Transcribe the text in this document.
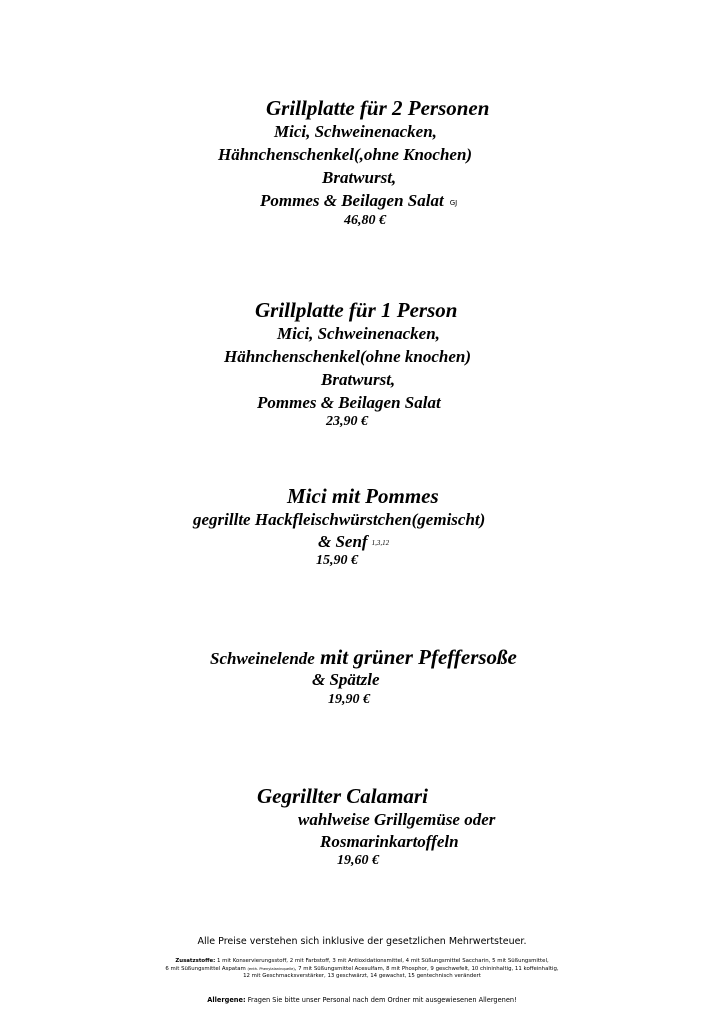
Grillplatte für 2 Personen
Mici, Schweinenacken,
Hähnchenschenkel(,ohne Knochen)
Bratwurst,
Pommes & Beilagen Salat GJ
46,80 €
Grillplatte für 1 Person
Mici, Schweinenacken,
Hähnchenschenkel(ohne knochen)
Bratwurst,
Pommes & Beilagen Salat
23,90 €
Mici mit Pommes
gegrillte Hackfleischwürstchen(gemischt)
& Senf $^{1,3,12}$
15,90 €
Schweinelende mit grüner Pfeffersoße
& Spätzle
19,90 €
Gegrillter Calamari
wahlweise Grillgemüse oder
Rosmarinkartoffeln
19,60 €
Alle Preise verstehen sich inklusive der gesetzlichen Mehrwertsteuer.
Zusatzstoffe: 1 mit Konservierungsstoff, 2 mit Farbstoff, 3 mit Antioxidationsmittel, 4 mit Süßungsmittel Saccharin, 5 mit Süßungsmittel,
6 mit Süßungsmittel Aspatam (enth. Phenylalaninquelle), 7 mit Süßungsmittel Acesulfam, 8 mit Phosphor, 9 geschwefelt, 10 chininhaltig, 11 koffeinhaltig,
12 mit Geschmacksverstärker, 13 geschwärzt, 14 gewachst, 15 gentechnisch verändert
Allergene: Fragen Sie bitte unser Personal nach dem Ordner mit ausgewiesenen Allergenen!
